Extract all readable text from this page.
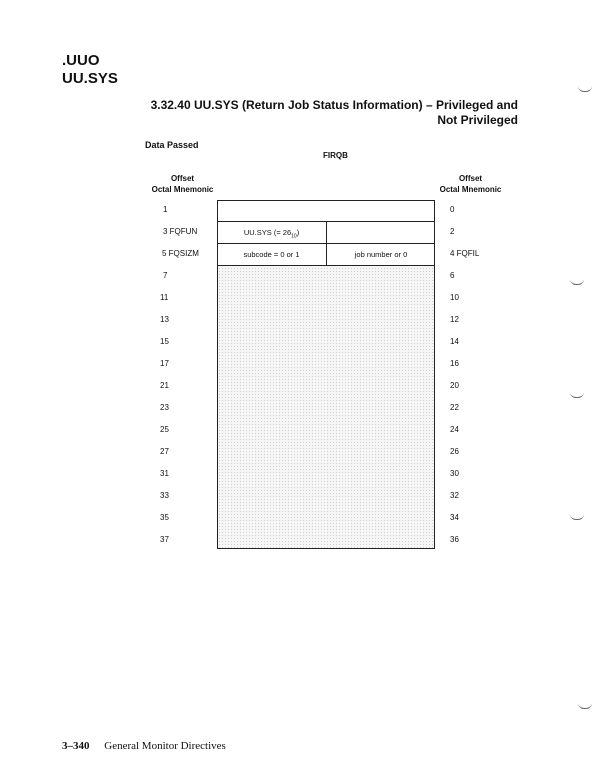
.UUO
UU.SYS
3.32.40 UU.SYS (Return Job Status Information) – Privileged and
Not Privileged
Data Passed
FIRQB
Offset
Octal Mnemonic
Offset
Octal Mnemonic
UU.SYS (= $26_{10}$)
subcode = 0 or 1	job number or 0
1
3 FQFUN
5 FQSIZM
7
11
13
15
17
21
23
25
27
31
33
35
37
0
2
4 FQFIL
6
10
12
14
16
20
22
24
26
30
32
34
36
3–340 General Monitor Directives
